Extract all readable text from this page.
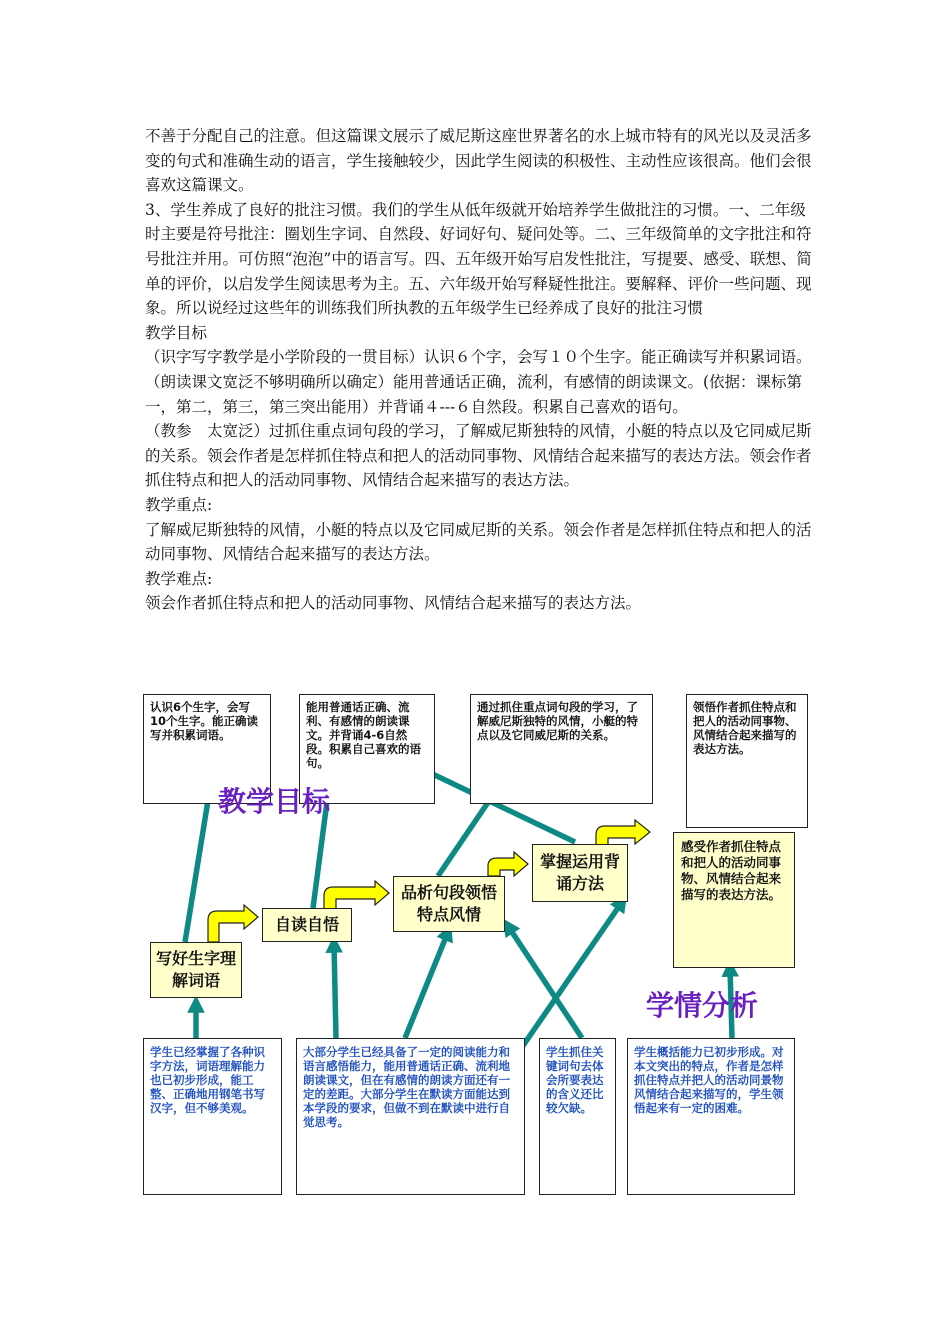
不善于分配自己的注意。但这篇课文展示了威尼斯这座世界著名的水上城市特有的风光以及灵活多变的句式和准确生动的语言，学生接触较少，因此学生阅读的积极性、主动性应该很高。他们会很喜欢这篇课文。

3、学生养成了良好的批注习惯。我们的学生从低年级就开始培养学生做批注的习惯。一、二年级时主要是符号批注：圈划生字词、自然段、好词好句、疑问处等。二、三年级简单的文字批注和符号批注并用。可仿照“泡泡”中的语言写。四、五年级开始写启发性批注，写提要、感受、联想、简单的评价，以启发学生阅读思考为主。五、六年级开始写释疑性批注。要解释、评价一些问题、现象。所以说经过这些年的训练我们所执教的五年级学生已经养成了良好的批注习惯

教学目标

（识字写字教学是小学阶段的一贯目标）认识６个字，会写１０个生字。能正确读写并积累词语。

（朗读课文宽泛不够明确所以确定）能用普通话正确，流利，有感情的朗读课文。(依据：课标第一，第二，第三，第三突出能用）并背诵４---６自然段。积累自己喜欢的语句。

（教参　太宽泛）过抓住重点词句段的学习，了解威尼斯独特的风情，小艇的特点以及它同威尼斯的关系。领会作者是怎样抓住特点和把人的活动同事物、风情结合起来描写的表达方法。领会作者抓住特点和把人的活动同事物、风情结合起来描写的表达方法。

教学重点:

了解威尼斯独特的风情，小艇的特点以及它同威尼斯的关系。领会作者是怎样抓住特点和把人的活动同事物、风情结合起来描写的表达方法。

教学难点:

领会作者抓住特点和把人的活动同事物、风情结合起来描写的表达方法。

认识6个生字，会写10个生字。能正确读写并积累词语。
能用普通话正确、流利、有感情的朗读课文。并背诵4-6自然段。积累自己喜欢的语句。
通过抓住重点词句段的学习，了解威尼斯独特的风情，小艇的特点以及它同威尼斯的关系。
领悟作者抓住特点和把人的活动同事物、风情结合起来描写的表达方法。
教学目标
写好生字理解词语
自读自悟
品析句段领悟特点风情
掌握运用背诵方法
感受作者抓住特点和把人的活动同事物、风情结合起来描写的表达方法。
学情分析
学生已经掌握了各种识字方法，词语理解能力也已初步形成，能工整、正确地用钢笔书写汉字，但不够美观。
大部分学生已经具备了一定的阅读能力和语言感悟能力，能用普通话正确、流利地朗读课文，但在有感情的朗读方面还有一定的差距。大部分学生在默读方面能达到本学段的要求，但做不到在默读中进行自觉思考。
学生抓住关键词句去体会所要表达的含义还比较欠缺。
学生概括能力已初步形成。对本文突出的特点，作者是怎样抓住特点并把人的活动同景物风情结合起来描写的，学生领悟起来有一定的困难。
